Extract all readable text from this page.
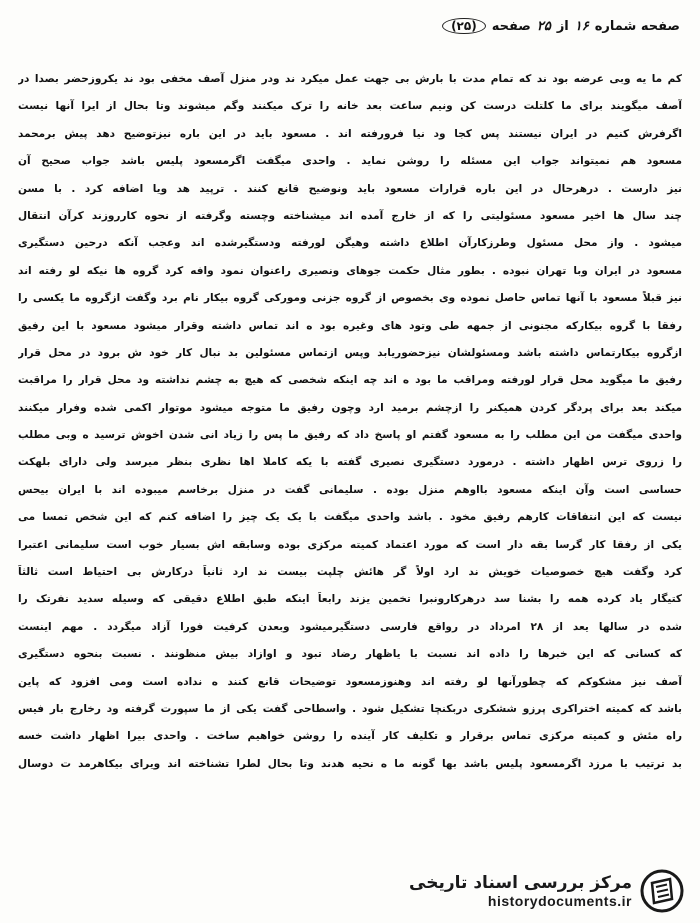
صفحه شماره
۱۶
از
۲۵
صفحه
(۲۵)
کم ما یه وبی عرضه بود ند که تمام مدت با بارش بی جهت عمل میکرد ند ودر منزل آصف مخفی بود ند یکروزحضر بصدا در
آصف میگویند برای ما کلتلت درست کن ونیم ساعت بعد خانه را ترک میکنند وگم میشوند وتا بحال از ایرا آنها نیست
اگرفرش کنیم در ایران نیستند پس کجا ود نیا فرورفته اند . مسعود باید در این باره نیزتوضیح دهد پیش برمحمد
مسعود هم نمیتواند جواب این مسئله را روشن نماید . واحدی میگفت اگرمسعود پلیس باشد جواب صحیح آن
نیز دارست . درهرحال در این باره قرارات مسعود باید ونوضیح قانع کنند . ترپید هد ویا اضافه کرد . با مسن
چند سال ها اخیر مسعود مسئولیتی را که از خارج آمده اند میشناخته وچسته وگرفته از نحوه کارروزند کرآن انتقال
میشود . واز محل مسئول وطرزکارآن اطلاع داشته وهیگن لورفته ودستگیرشده اند وعجب آنکه درحین دستگیری
مسعود در ایران وبا تهران نبوده . بطور مثال حکمت جوهای ونصیری راعنوان نمود وافه کرد گروه ها نیکه لو رفته اند
نیز قبلاً مسعود با آنها تماس حاصل نموده وی بخصوص از گروه جزنی ومورکی گروه بیکار نام برد وگفت ازگروه ما یکسی را
رفقا با گروه بیکارکه مجنونی از جمهه طی وتود های وغیره بود ه اند تماس داشته وقرار میشود مسعود با این رفیق
ازگروه بیکارتماس داشته باشد ومسئولشان نیزحضوریابد وپس ازتماس مسئولین بد نبال کار خود ش برود در محل قرار
رفیق ما میگوید محل قرار لورفته ومراقب ما بود ه اند چه اینکه شخصی که هیچ به چشم نداشته ود محل قرار را مراقبت
میکند بعد برای پردگر کردن همیکنر را ازچشم برمید ارد وچون رفیق ما متوجه میشود موتوار اکمی شده وفرار میکنند
واحدی میگفت من این مطلب را به مسعود گفتم او پاسخ داد که رفیق ما پس را زیاد انی شدن اخوش ترسید ه وبی مطلب
را زروی ترس اظهار داشته . درمورد دستگیری نصیری گفته با یکه کاملا اها نظری بنظر میرسد ولی دارای بلهکت
حساسی است وآن اینکه مسعود بااوهم منزل بوده . سلیمانی گفت در منزل برخاسم میبوده اند با ایران بیحس
نیست که این انتفاقات کارهم رفیق مخود . باشد واحدی میگفت با یک یک چیز را اضافه کنم که این شخص تمسا می
یکی از رفقا کار گرسا بقه دار است که مورد اعتماد کمیته مرکزی بوده وسابقه اش بسیار خوب است سلیمانی اعتبرا
کرد وگفت هیچ خصوصیات خویش ند ارد اولاً گر هائش چلپت بیست ند ارد ثانیاً درکارش بی احتیاط است ثالثاً
کتیگار یاد کرده همه را بشنا سد درهرکارونبرا تخمین یزند رابعاً اینکه طبق اطلاع دقیقی که وسیله سدید نفرتک را
شده در سالها یعد از ۲۸ امرداد در رواقع فارسی دستگیرمیشود وبعدن کرفیت فورا آزاد میگردد . مهم اینست
که کسانی که این خبرها را داده اند نسبت با یاظهار رضاد تبود و اوازاد بیش منظونند . نسبت بنحوه دستگیری
آصف نیز مشکوکم که چطورآنها لو رفته اند وهنوزمسعود توضیحات قانع کنند ه نداده است ومی افزود که پاین
باشد که کمیته اختراکری پرزو ششکری دربکنچا تشکیل شود . واسطاحی گفت یکی از ما سپورت گرفته ود رخارج بار فیس
راه مئش و کمیته مرکزی تماس برقرار و تکلیف کار آینده را روشن خواهیم ساخت . واحدی بیرا اظهار داشت خسه
بد ترتیب با مرزد اگرمسعود پلیس باشد بها گونه ما ه نحیه هدند وتا بحال لطرا تشناخته اند ویرای بیکاهرمد ت دوسال
مرکز بررسی اسناد تاریخی
historydocuments.ir
